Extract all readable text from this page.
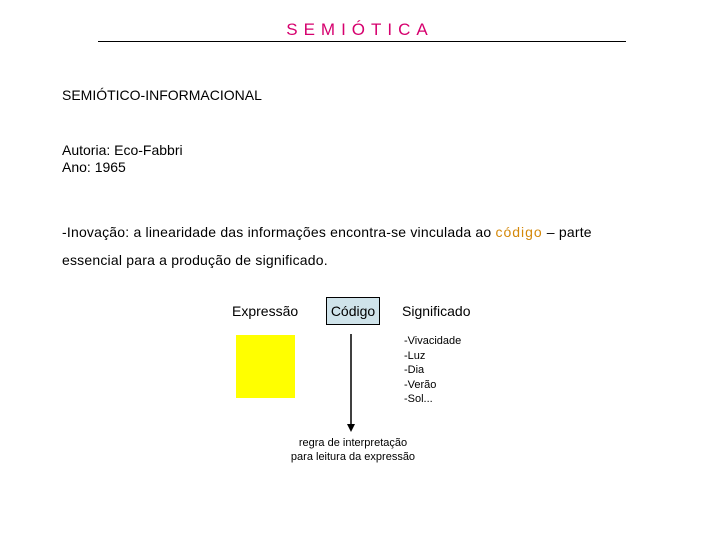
SEMIÓTICA
SEMIÓTICO-INFORMACIONAL
Autoria: Eco-Fabbri
Ano: 1965
-Inovação: a linearidade das informações encontra-se vinculada ao código – parte essencial para a produção de significado.
Expressão Código Significado
-Vivacidade
-Luz
-Dia
-Verão
-Sol...
regra de interpretação
para leitura da expressão
